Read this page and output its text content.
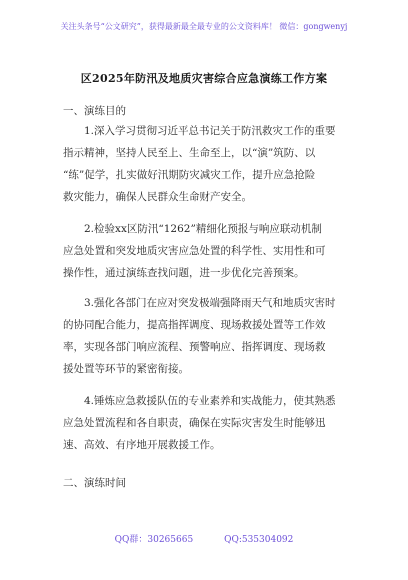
关注头条号“公文研究”，获得最新最全最专业的公文资料库！ 微信：gongwenyj
区2025年防汛及地质灾害综合应急演练工作方案
一、演练目的
1.深入学习贯彻习近平总书记关于防汛救灾工作的重要
指示精神，坚持人民至上、生命至上，以“演”筑防、以
“练”促学，扎实做好汛期防灾减灾工作，提升应急抢险
救灾能力，确保人民群众生命财产安全。
2.检验xx区防汛“1262”精细化预报与响应联动机制
应急处置和突发地质灾害应急处置的科学性、实用性和可
操作性，通过演练查找问题，进一步优化完善预案。
3.强化各部门在应对突发极端强降雨天气和地质灾害时
的协同配合能力，提高指挥调度、现场救援处置等工作效
率，实现各部门响应流程、预警响应、指挥调度、现场救
援处置等环节的紧密衔接。
4.锤炼应急救援队伍的专业素养和实战能力，使其熟悉
应急处置流程和各自职责，确保在实际灾害发生时能够迅
速、高效、有序地开展救援工作。
二、演练时间
QQ群：30265665	QQ:535304092
